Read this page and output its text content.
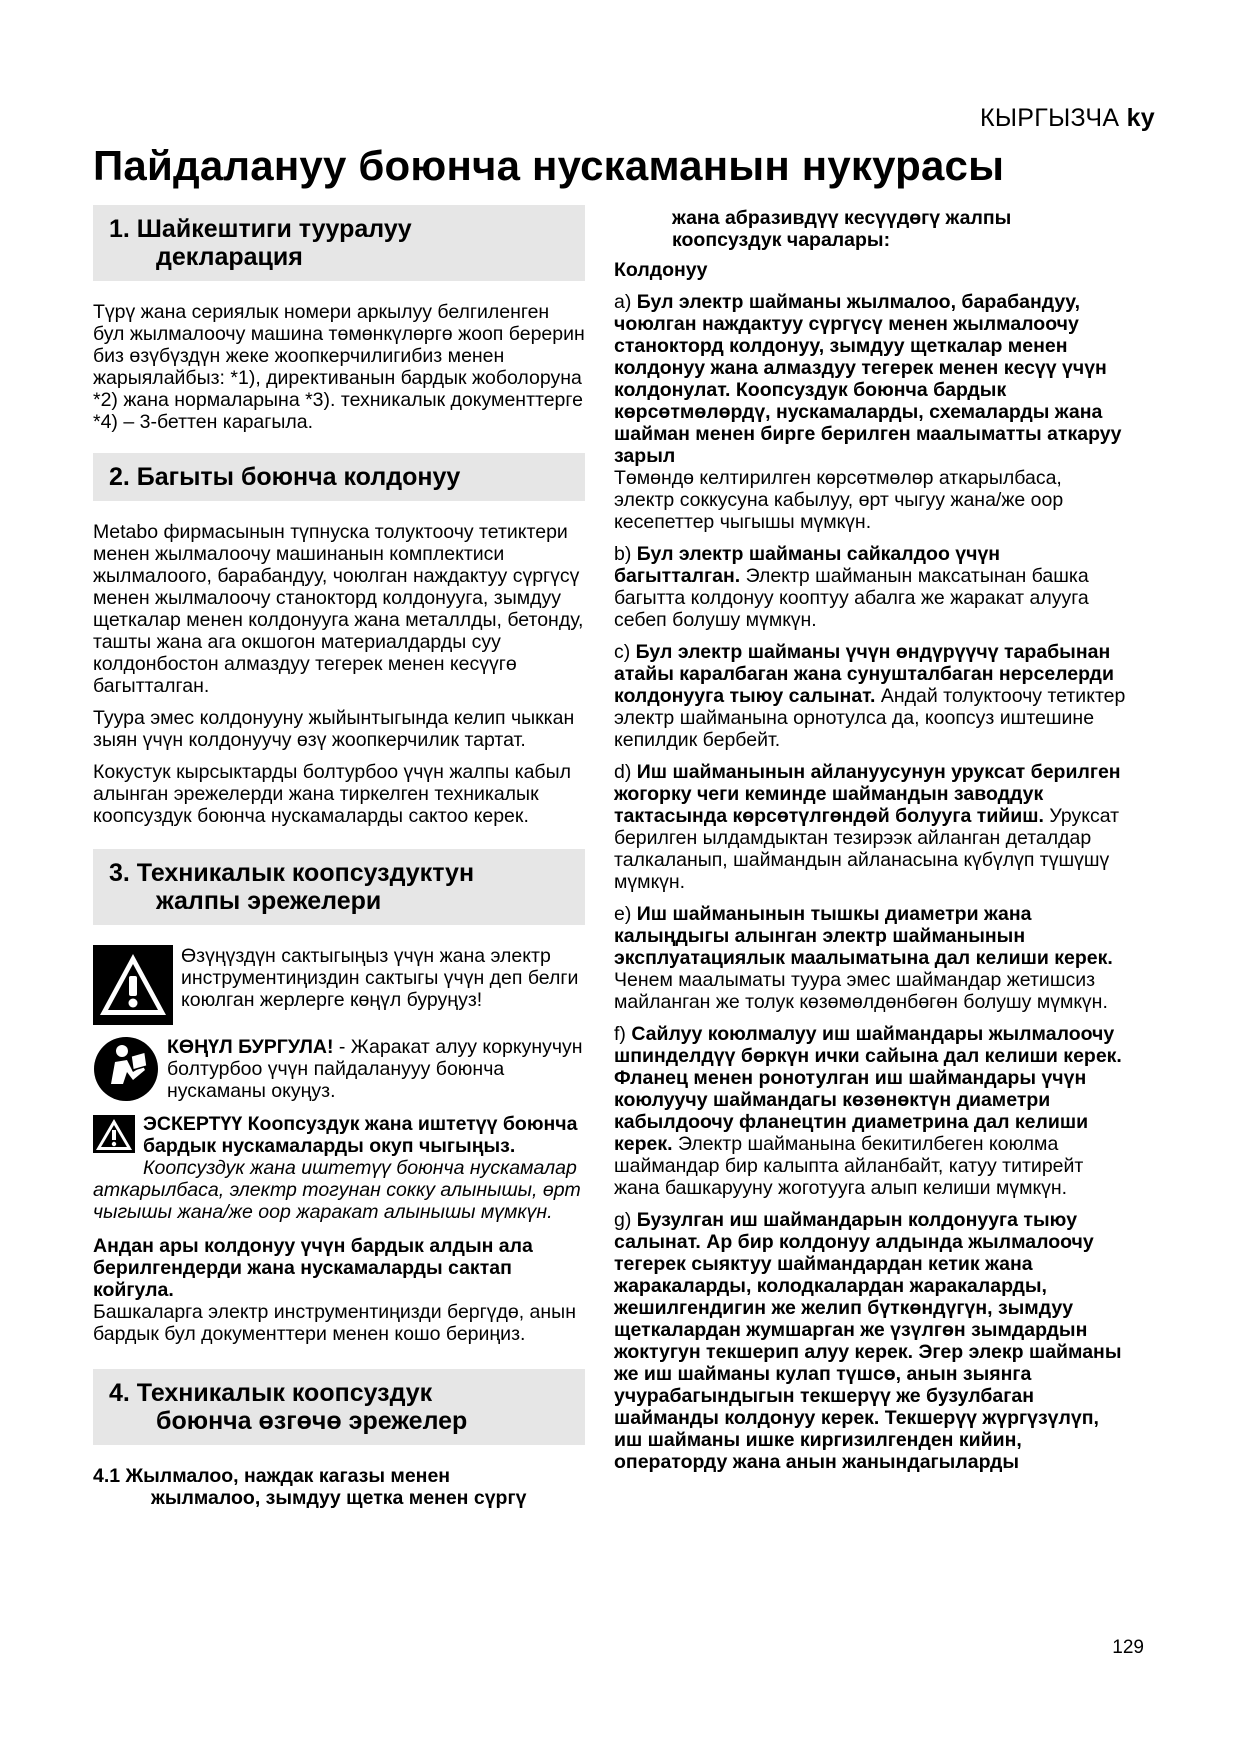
КЫРГЫЗЧА ky
Пайдалануу боюнча нускаманын нукурасы
1. Шайкештиги тууралуу
декларация

Түрү жана сериялык номери аркылуу белгиленген бул жылмалоочу машина төмөнкүлөргө жооп берерин биз өзүбүздүн жеке жоопкерчилигибиз менен жарыялайбыз: *1), директиванын бардык жоболоруна *2) жана нормаларына *3). техникалык документтерге *4) – 3-беттен карагыла.

2. Багыты боюнча колдонуу

Metabo фирмасынын түпнуска толуктоочу тетиктери менен жылмалоочу машинанын комплектиси жылмалоого, барабандуу, чоюлган наждактуу сүргүсү менен жылмалоочу станокторд колдонууга, зымдуу щеткалар менен колдонууга жана металлды, бетонду, ташты жана ага окшогон материалдарды суу колдонбостон алмаздуу тегерек менен кесүүгө багытталган.

Туура эмес колдонууну жыйынтыгында келип чыккан зыян үчүн колдонуучу өзү жоопкерчилик тартат.

Кокустук кырсыктарды болтурбоо үчүн жалпы кабыл алынган эрежелерди жана тиркелген техникалык коопсуздук боюнча нускамаларды сактоо керек.

3. Техникалык коопсуздуктун
жалпы эрежелери

Өзүңүздүн сактыгыңыз үчүн жана электр инструментиңиздин сактыгы үчүн деп белги коюлган жерлерге көңүл буруңуз!

КӨҢҮЛ БУРГУЛА! - Жаракат алуу коркунучун болтурбоо үчүн пайдаланууу боюнча нускаманы окуңуз.

ЭСКЕРТҮҮ Коопсуздук жана иштетүү боюнча бардык нускамаларды окуп чыгыңыз. Коопсуздук жана иштетүү боюнча нускамалар аткарылбаса, электр тогунан сокку алынышы, өрт чыгышы жана/же оор жаракат алынышы мүмкүн.

Андан ары колдонуу үчүн бардык алдын ала берилгендерди жана нускамаларды сактап койгула.
Башкаларга электр инструментиңизди бергүдө, анын бардык бул документтери менен кошо бериңиз.

4. Техникалык коопсуздук
боюнча өзгөчө эрежелер
4.1 Жылмалоо, наждак кагазы менен
жылмалоо, зымдуу щетка менен сүргү
жана абразивдүү кесүүдөгү жалпы
коопсуздук чаралары:

Колдонуу

a) Бул электр шайманы жылмалоо, барабандуу, чоюлган наждактуу сүргүсү менен жылмалоочу станокторд колдонуу, зымдуу щеткалар менен колдонуу жана алмаздуу тегерек менен кесүү үчүн колдонулат. Коопсуздук боюнча бардык көрсөтмөлөрдү, нускамаларды, схемаларды жана шайман менен бирге берилген маалыматты аткаруу зарыл
Төмөндө келтирилген көрсөтмөлөр аткарылбаса, электр соккусуна кабылуу, өрт чыгуу жана/же оор кесепеттер чыгышы мүмкүн.

b) Бул электр шайманы сайкалдоо үчүн багытталган. Электр шайманын максатынан башка багытта колдонуу кооптуу абалга же жаракат алууга себеп болушу мүмкүн.

c) Бул электр шайманы үчүн өндүрүүчү тарабынан атайы каралбаган жана сунушталбаган нерселерди колдонууга тыюу салынат. Андай толуктоочу тетиктер электр шайманына орнотулса да, коопсуз иштешине кепилдик бербейт.

d) Иш шайманынын айлануусунун уруксат берилген жогорку чеги кеминде шаймандын заводдук тактасында көрсөтүлгөндөй болууга тийиш. Уруксат берилген ылдамдыктан тезирээк айланган деталдар талкаланып, шаймандын айланасына күбүлүп түшүшү мүмкүн.

e) Иш шайманынын тышкы диаметри жана калыңдыгы алынган электр шайманынын эксплуатациялык маалыматына дал келиши керек. Ченем маалыматы туура эмес шаймандар жетишсиз майланган же толук көзөмөлдөнбөгөн болушу мүмкүн.

f) Сайлуу коюлмалуу иш шаймандары жылмалоочу шпинделдүү бөркүн ички сайына дал келиши керек. Фланец менен ронотулган иш шаймандары үчүн коюлуучу шаймандагы көзөнөктүн диаметри кабылдоочу фланецтин диаметрина дал келиши керек. Электр шайманына бекитилбеген коюлма шаймандар бир калыпта айланбайт, катуу титирейт жана башкарууну жоготууга алып келиши мүмкүн.

g) Бузулган иш шаймандарын колдонууга тыюу салынат. Ар бир колдонуу алдында жылмалоочу тегерек сыяктуу шаймандардан кетик жана жаракаларды, колодкалардан жаракаларды, жешилгендигин же желип бүткөндүгүн, зымдуу щеткалардан жумшарган же үзүлгөн зымдардын жоктугун текшерип алуу керек. Эгер элекр шайманы же иш шайманы кулап түшсө, анын зыянга учурабагындыгын текшерүү же бузулбаган шайманды колдонуу керек. Текшерүү жүргүзүлүп, иш шайманы ишке киргизилгенден кийин, операторду жана анын жанындагыларды

129
